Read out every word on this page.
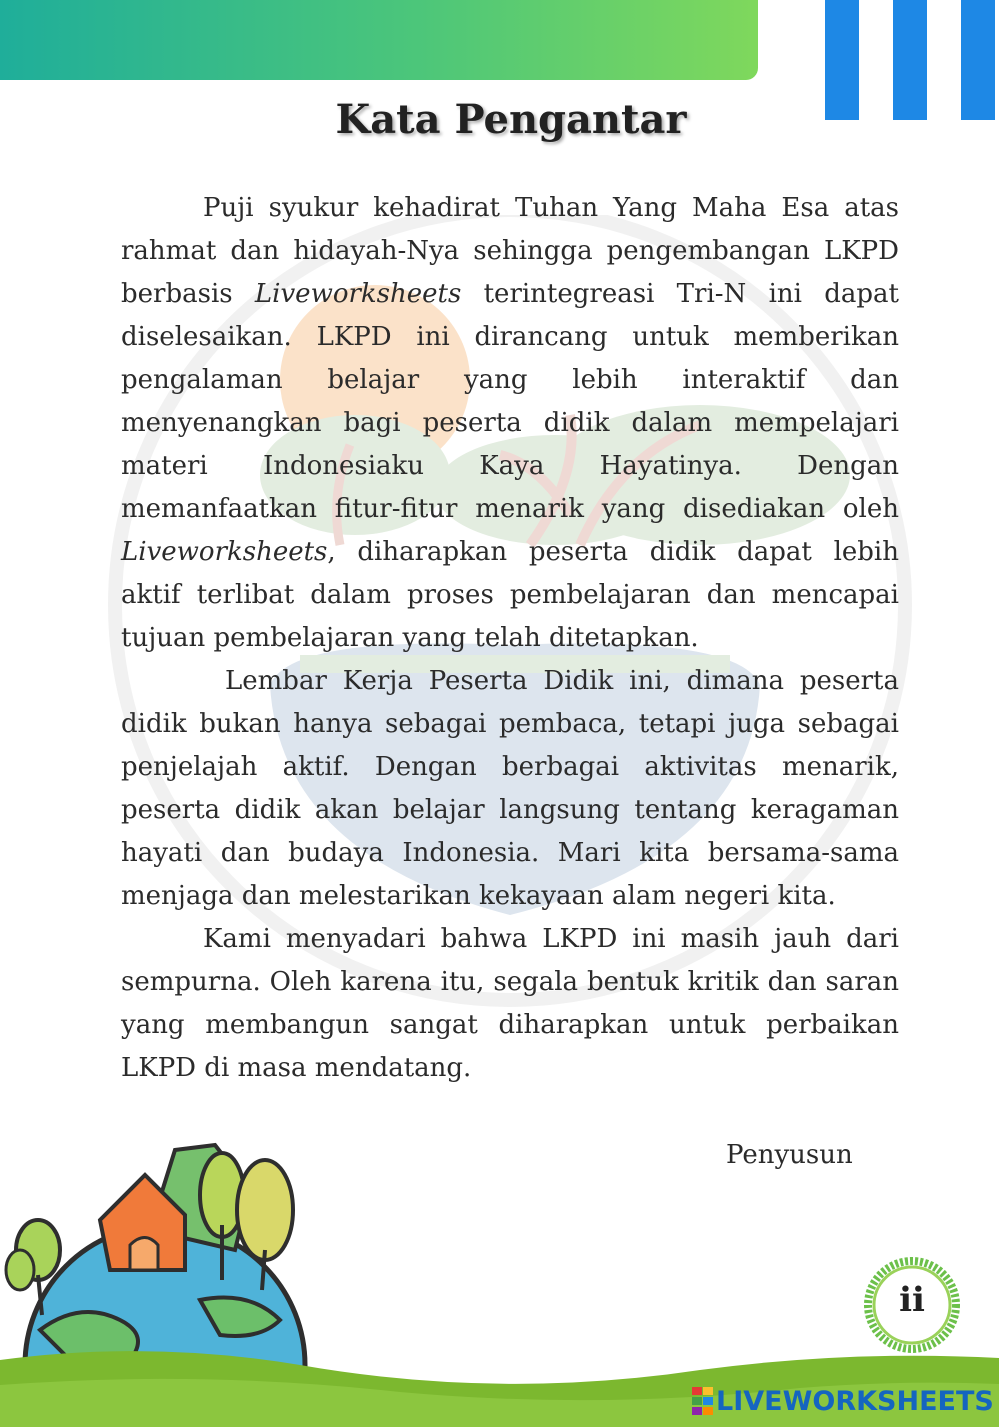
Kata Pengantar

Puji syukur kehadirat Tuhan Yang Maha Esa atas rahmat dan hidayah-Nya sehingga pengembangan LKPD berbasis Liveworksheets terintegreasi Tri-N ini dapat diselesaikan. LKPD ini dirancang untuk memberikan pengalaman belajar yang lebih interaktif dan menyenangkan bagi peserta didik dalam mempelajari materi Indonesiaku Kaya Hayatinya. Dengan memanfaatkan fitur-fitur menarik yang disediakan oleh Liveworksheets, diharapkan peserta didik dapat lebih aktif terlibat dalam proses pembelajaran dan mencapai tujuan pembelajaran yang telah ditetapkan.

Lembar Kerja Peserta Didik ini, dimana peserta didik bukan hanya sebagai pembaca, tetapi juga sebagai penjelajah aktif. Dengan berbagai aktivitas menarik, peserta didik akan belajar langsung tentang keragaman hayati dan budaya Indonesia. Mari kita bersama-sama menjaga dan melestarikan kekayaan alam negeri kita.

Kami menyadari bahwa LKPD ini masih jauh dari sempurna. Oleh karena itu, segala bentuk kritik dan saran yang membangun sangat diharapkan untuk perbaikan LKPD di masa mendatang.

Penyusun
ii
LIVEWORKSHEETS
